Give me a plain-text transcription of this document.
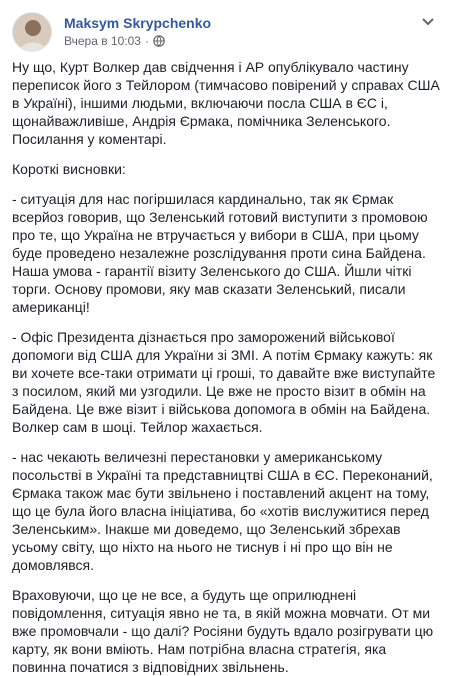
Maksym Skrypchenko
Вчера в 10:03 ·

Ну що, Курт Волкер дав свідчення і АР опублікувало частину переписок його з Тейлором (тимчасово повірений у справах США в Україні), іншими людьми, включаючи посла США в ЄС і, щонайважливіше, Андрія Єрмака, помічника Зеленського. Посилання у коментарі.

Короткі висновки:

- ситуація для нас погіршилася кардинально, так як Єрмак всерйоз говорив, що Зеленський готовий виступити з промовою про те, що Україна не втручається у вибори в США, при цьому буде проведено незалежне розслідування проти сина Байдена. Наша умова - гарантії візиту Зеленського до США. Йшли чіткі торги. Основу промови, яку мав сказати Зеленський, писали американці!

- Офіс Президента дізнається про заморожений військової допомоги від США для України зі ЗМІ. А потім Єрмаку кажуть: як ви хочете все-таки отримати ці гроші, то давайте вже виступайте з посилом, який ми узгодили. Це вже не просто візит в обмін на Байдена. Це вже візит і військова допомога в обмін на Байдена. Волкер сам в шоці. Тейлор жахається.

- нас чекають величезні перестановки у американському посольстві в Україні та представництві США в ЄС. Переконаний, Єрмака також має бути звільнено і поставлений акцент на тому, що це була його власна ініціатива, бо «хотів вислужитися перед Зеленським». Інакше ми доведемо, що Зеленський збрехав усьому світу, що ніхто на нього не тиснув і ні про що він не домовлявся.

Враховуючи, що це не все, а будуть ще оприлюднені повідомлення, ситуація явно не та, в якій можна мовчати. От ми вже промовчали - що далі? Росіяни будуть вдало розігрувати цю карту, як вони вміють. Нам потрібна власна стратегія, яка повинна початися з відповідних звільнень.
